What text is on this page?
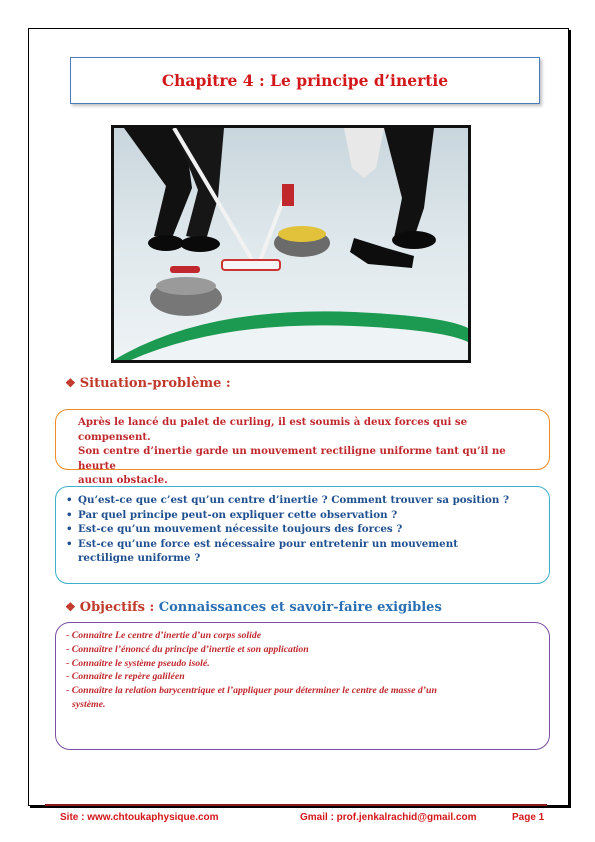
Chapitre 4 : Le principe d’inertie
❖ Situation-problème :

Après le lancé du palet de curling, il est soumis à deux forces qui se compensent.

Son centre d’inertie garde un mouvement rectiligne uniforme tant qu’il ne heurte

aucun obstacle.

• Qu’est-ce que c’est qu’un centre d’inertie ? Comment trouver sa position ?
• Par quel principe peut-on expliquer cette observation ?
• Est-ce qu’un mouvement nécessite toujours des forces ?
• Est-ce qu’une force est nécessaire pour entretenir un mouvement
rectiligne uniforme ?
❖ Objectifs : Connaissances et savoir-faire exigibles
- Connaître Le centre d’inertie d’un corps solide
- Connaître l’énoncé du principe d’inertie et son application
- Connaître le système pseudo isolé.
- Connaître le repère galiléen
- Connaître la relation barycentrique et l’appliquer pour déterminer le centre de masse d’un
système.
Site : www.chtoukaphysique.com	Gmail : prof.jenkalrachid@gmail.com	Page 1
